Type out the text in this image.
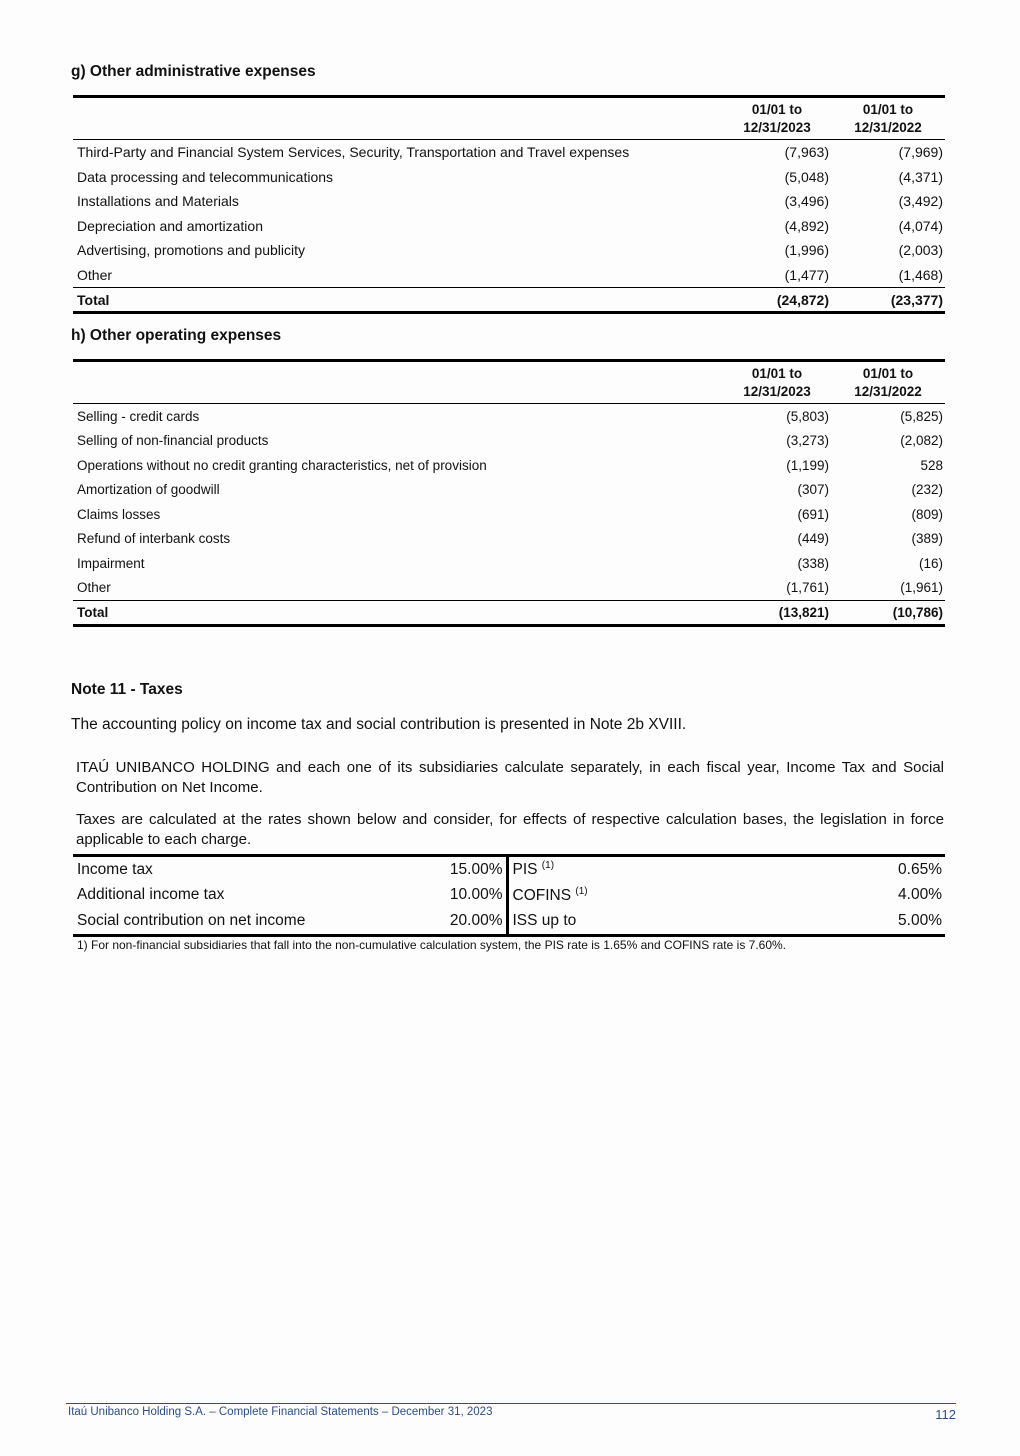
g) Other administrative expenses
	01/01 to 12/31/2023	01/01 to 12/31/2022
Third-Party and Financial System Services, Security, Transportation and Travel expenses	(7,963)	(7,969)
Data processing and telecommunications	(5,048)	(4,371)
Installations and Materials	(3,496)	(3,492)
Depreciation and amortization	(4,892)	(4,074)
Advertising, promotions and publicity	(1,996)	(2,003)
Other	(1,477)	(1,468)
Total	(24,872)	(23,377)
h) Other operating expenses
	01/01 to 12/31/2023	01/01 to 12/31/2022
Selling - credit cards	(5,803)	(5,825)
Selling of non-financial products	(3,273)	(2,082)
Operations without no credit granting characteristics, net of provision	(1,199)	528
Amortization of goodwill	(307)	(232)
Claims losses	(691)	(809)
Refund of interbank costs	(449)	(389)
Impairment	(338)	(16)
Other	(1,761)	(1,961)
Total	(13,821)	(10,786)
Note 11 - Taxes

The accounting policy on income tax and social contribution is presented in Note 2b XVIII.

ITAÚ UNIBANCO HOLDING and each one of its subsidiaries calculate separately, in each fiscal year, Income Tax and Social Contribution on Net Income.

Taxes are calculated at the rates shown below and consider, for effects of respective calculation bases, the legislation in force applicable to each charge.

Income tax	15.00%	PIS $^{(1)}$	0.65%
Additional income tax	10.00%	COFINS $^{(1)}$	4.00%
Social contribution on net income	20.00%	ISS up to	5.00%

1) For non-financial subsidiaries that fall into the non-cumulative calculation system, the PIS rate is 1.65% and COFINS rate is 7.60%.

Itaú Unibanco Holding S.A. – Complete Financial Statements – December 31, 2023	112
